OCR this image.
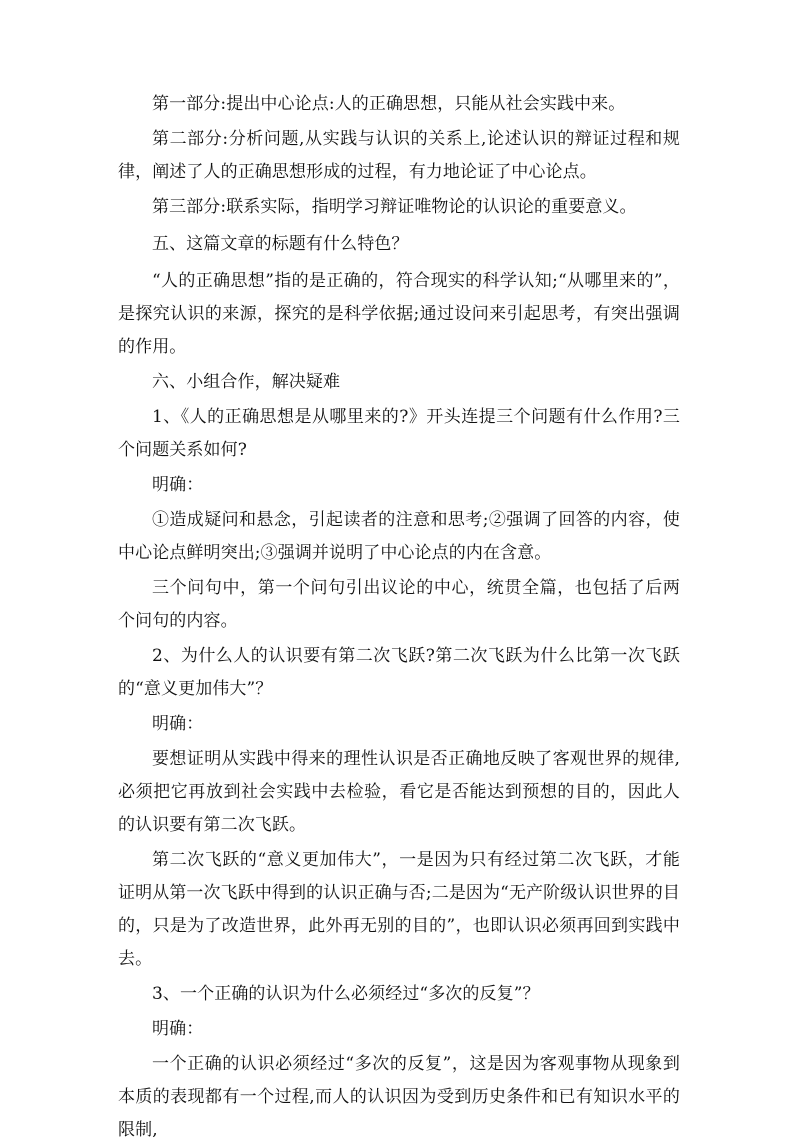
第一部分:提出中心论点:人的正确思想，只能从社会实践中来。

第二部分:分析问题,从实践与认识的关系上,论述认识的辩证过程和规律，阐述了人的正确思想形成的过程，有力地论证了中心论点。

第三部分:联系实际，指明学习辩证唯物论的认识论的重要意义。

五、这篇文章的标题有什么特色？

“人的正确思想”指的是正确的，符合现实的科学认知;“从哪里来的”，是探究认识的来源，探究的是科学依据;通过设问来引起思考，有突出强调的作用。

六、小组合作，解决疑难

1、《人的正确思想是从哪里来的?》开头连提三个问题有什么作用?三个问题关系如何?

明确：

①造成疑问和悬念，引起读者的注意和思考;②强调了回答的内容，使中心论点鲜明突出;③强调并说明了中心论点的内在含意。

三个问句中，第一个问句引出议论的中心，统贯全篇，也包括了后两个问句的内容。

2、为什么人的认识要有第二次飞跃?第二次飞跃为什么比第一次飞跃的“意义更加伟大”？

明确：

要想证明从实践中得来的理性认识是否正确地反映了客观世界的规律,必须把它再放到社会实践中去检验，看它是否能达到预想的目的，因此人的认识要有第二次飞跃。

第二次飞跃的“意义更加伟大”，一是因为只有经过第二次飞跃，才能证明从第一次飞跃中得到的认识正确与否;二是因为“无产阶级认识世界的目的，只是为了改造世界，此外再无别的目的”，也即认识必须再回到实践中去。

3、一个正确的认识为什么必须经过“多次的反复”？

明确：

一个正确的认识必须经过“多次的反复”，这是因为客观事物从现象到本质的表现都有一个过程,而人的认识因为受到历史条件和已有知识水平的限制,
